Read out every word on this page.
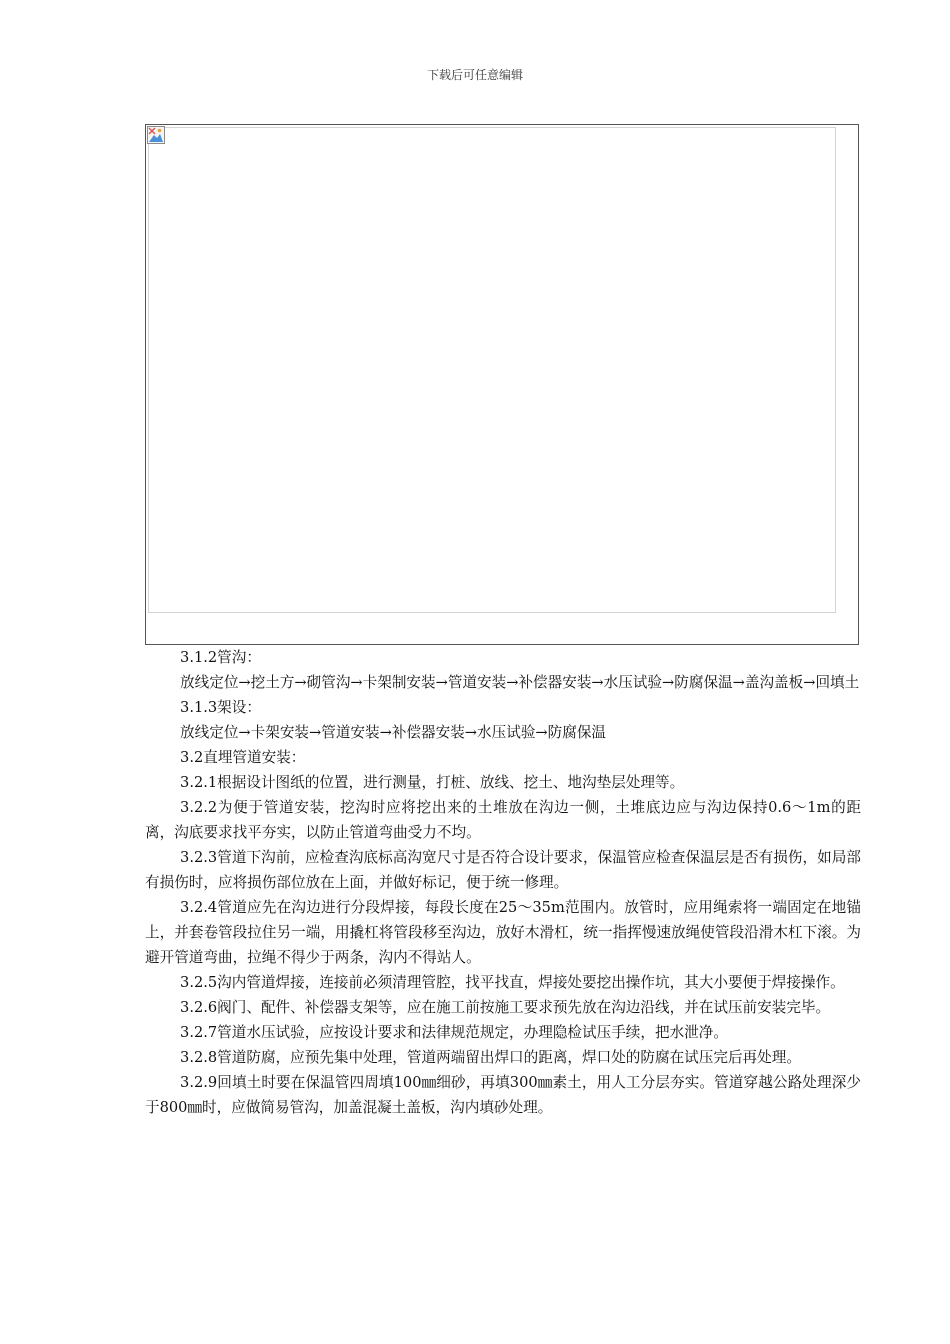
下载后可任意编辑

3.1.2管沟：

放线定位→挖土方→砌管沟→卡架制安装→管道安装→补偿器安装→水压试验→防腐保温→盖沟盖板→回填土

3.1.3架设：

放线定位→卡架安装→管道安装→补偿器安装→水压试验→防腐保温

3.2直埋管道安装：

3.2.1根据设计图纸的位置，进行测量，打桩、放线、挖土、地沟垫层处理等。

3.2.2为便于管道安装，挖沟时应将挖出来的土堆放在沟边一侧，土堆底边应与沟边保持0.6～1m的距离，沟底要求找平夯实，以防止管道弯曲受力不均。

3.2.3管道下沟前，应检查沟底标高沟宽尺寸是否符合设计要求，保温管应检查保温层是否有损伤，如局部有损伤时，应将损伤部位放在上面，并做好标记，便于统一修理。

3.2.4管道应先在沟边进行分段焊接，每段长度在25～35m范围内。放管时，应用绳索将一端固定在地锚上，并套卷管段拉住另一端，用撬杠将管段移至沟边，放好木滑杠，统一指挥慢速放绳使管段沿滑木杠下滚。为避开管道弯曲，拉绳不得少于两条，沟内不得站人。

3.2.5沟内管道焊接，连接前必须清理管腔，找平找直，焊接处要挖出操作坑，其大小要便于焊接操作。

3.2.6阀门、配件、补偿器支架等，应在施工前按施工要求预先放在沟边沿线，并在试压前安装完毕。

3.2.7管道水压试验，应按设计要求和法律规范规定，办理隐检试压手续，把水泄净。

3.2.8管道防腐，应预先集中处理，管道两端留出焊口的距离，焊口处的防腐在试压完后再处理。

3.2.9回填土时要在保温管四周填100㎜细砂，再填300㎜素土，用人工分层夯实。管道穿越公路处理深少于800㎜时，应做简易管沟，加盖混凝土盖板，沟内填砂处理。
